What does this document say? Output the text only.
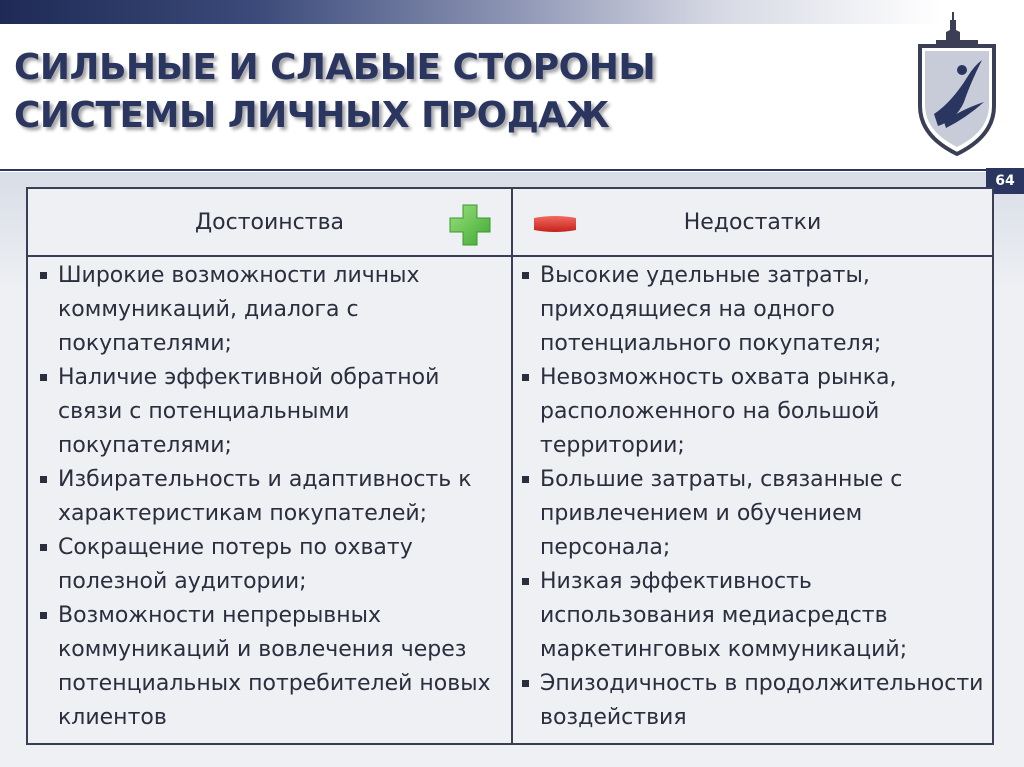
СИЛЬНЫЕ И СЛАБЫЕ СТОРОНЫ
СИСТЕМЫ ЛИЧНЫХ ПРОДАЖ
64
Достоинства	Недостатки
Широкие возможности личных коммуникаций, диалога с покупателями;
Наличие эффективной обратной связи с потенциальными покупателями;
Избирательность и адаптивность к характеристикам покупателей;
Сокращение потерь по охвату полезной аудитории;
Возможности непрерывных коммуникаций и вовлечения через потенциальных потребителей новых клиентов
Высокие удельные затраты, приходящиеся на одного потенциального покупателя;
Невозможность охвата рынка, расположенного на большой территории;
Большие затраты, связанные с привлечением и обучением персонала;
Низкая эффективность использования медиасредств маркетинговых коммуникаций;
Эпизодичность в продолжительности воздействия
